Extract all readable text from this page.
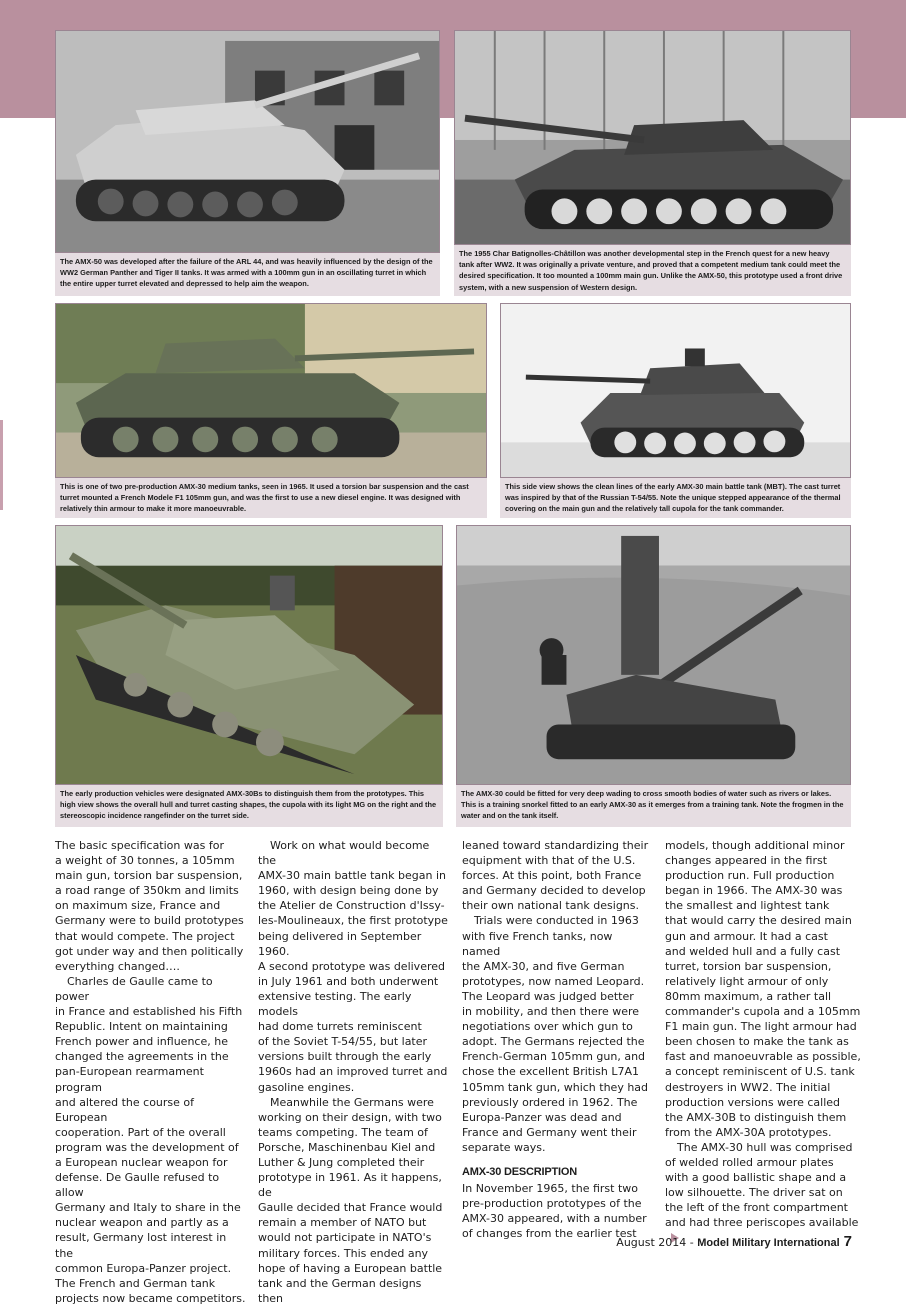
The AMX-50 was developed after the failure of the ARL 44, and was heavily influenced by the design of the WW2 German Panther and Tiger II tanks. It was armed with a 100mm gun in an oscillating turret in which the entire upper turret elevated and depressed to help aim the weapon.
The 1955 Char Batignolles-Châtillon was another developmental step in the French quest for a new heavy tank after WW2. It was originally a private venture, and proved that a competent medium tank could meet the desired specification. It too mounted a 100mm main gun. Unlike the AMX-50, this prototype used a front drive system, with a new suspension of Western design.
This is one of two pre-production AMX-30 medium tanks, seen in 1965. It used a torsion bar suspension and the cast turret mounted a French Modele F1 105mm gun, and was the first to use a new diesel engine. It was designed with relatively thin armour to make it more manoeuvrable.
This side view shows the clean lines of the early AMX-30 main battle tank (MBT). The cast turret was inspired by that of the Russian T-54/55. Note the unique stepped appearance of the thermal covering on the main gun and the relatively tall cupola for the tank commander.
The early production vehicles were designated AMX-30Bs to distinguish them from the prototypes. This high view shows the overall hull and turret casting shapes, the cupola with its light MG on the right and the stereoscopic incidence rangefinder on the turret side.
The AMX-30 could be fitted for very deep wading to cross smooth bodies of water such as rivers or lakes. This is a training snorkel fitted to an early AMX-30 as it emerges from a training tank. Note the frogmen in the water and on the tank itself.

The basic specification was for
a weight of 30 tonnes, a 105mm
main gun, torsion bar suspension,
a road range of 350km and limits
on maximum size, France and
Germany were to build prototypes
that would compete. The project
got under way and then politically
everything changed….

Charles de Gaulle came to power
in France and established his Fifth
Republic. Intent on maintaining
French power and influence, he
changed the agreements in the
pan-European rearmament program
and altered the course of European
cooperation. Part of the overall
program was the development of
a European nuclear weapon for
defense. De Gaulle refused to allow
Germany and Italy to share in the
nuclear weapon and partly as a
result, Germany lost interest in the
common Europa-Panzer project.
The French and German tank
projects now became competitors.

Work on what would become the
AMX-30 main battle tank began in
1960, with design being done by
the Atelier de Construction d'Issy-
les-Moulineaux, the first prototype
being delivered in September 1960.
A second prototype was delivered
in July 1961 and both underwent
extensive testing. The early models
had dome turrets reminiscent
of the Soviet T-54/55, but later
versions built through the early
1960s had an improved turret and
gasoline engines.

Meanwhile the Germans were
working on their design, with two
teams competing. The team of
Porsche, Maschinenbau Kiel and
Luther & Jung completed their
prototype in 1961. As it happens, de
Gaulle decided that France would
remain a member of NATO but
would not participate in NATO's
military forces. This ended any
hope of having a European battle
tank and the German designs then

leaned toward standardizing their
equipment with that of the U.S.
forces. At this point, both France
and Germany decided to develop
their own national tank designs.

Trials were conducted in 1963
with five French tanks, now named
the AMX-30, and five German
prototypes, now named Leopard.
The Leopard was judged better
in mobility, and then there were
negotiations over which gun to
adopt. The Germans rejected the
French-German 105mm gun, and
chose the excellent British L7A1
105mm tank gun, which they had
previously ordered in 1962. The
Europa-Panzer was dead and
France and Germany went their
separate ways.

AMX-30 DESCRIPTION

In November 1965, the first two
pre-production prototypes of the
AMX-30 appeared, with a number
of changes from the earlier test

models, though additional minor
changes appeared in the first
production run. Full production
began in 1966. The AMX-30 was
the smallest and lightest tank
that would carry the desired main
gun and armour. It had a cast
and welded hull and a fully cast
turret, torsion bar suspension,
relatively light armour of only
80mm maximum, a rather tall
commander's cupola and a 105mm
F1 main gun. The light armour had
been chosen to make the tank as
fast and manoeuvrable as possible,
a concept reminiscent of U.S. tank
destroyers in WW2. The initial
production versions were called
the AMX-30B to distinguish them
from the AMX-30A prototypes.

The AMX-30 hull was comprised
of welded rolled armour plates
with a good ballistic shape and a
low silhouette. The driver sat on
the left of the front compartment
and had three periscopes available

August 2014 - Model Military International 7
